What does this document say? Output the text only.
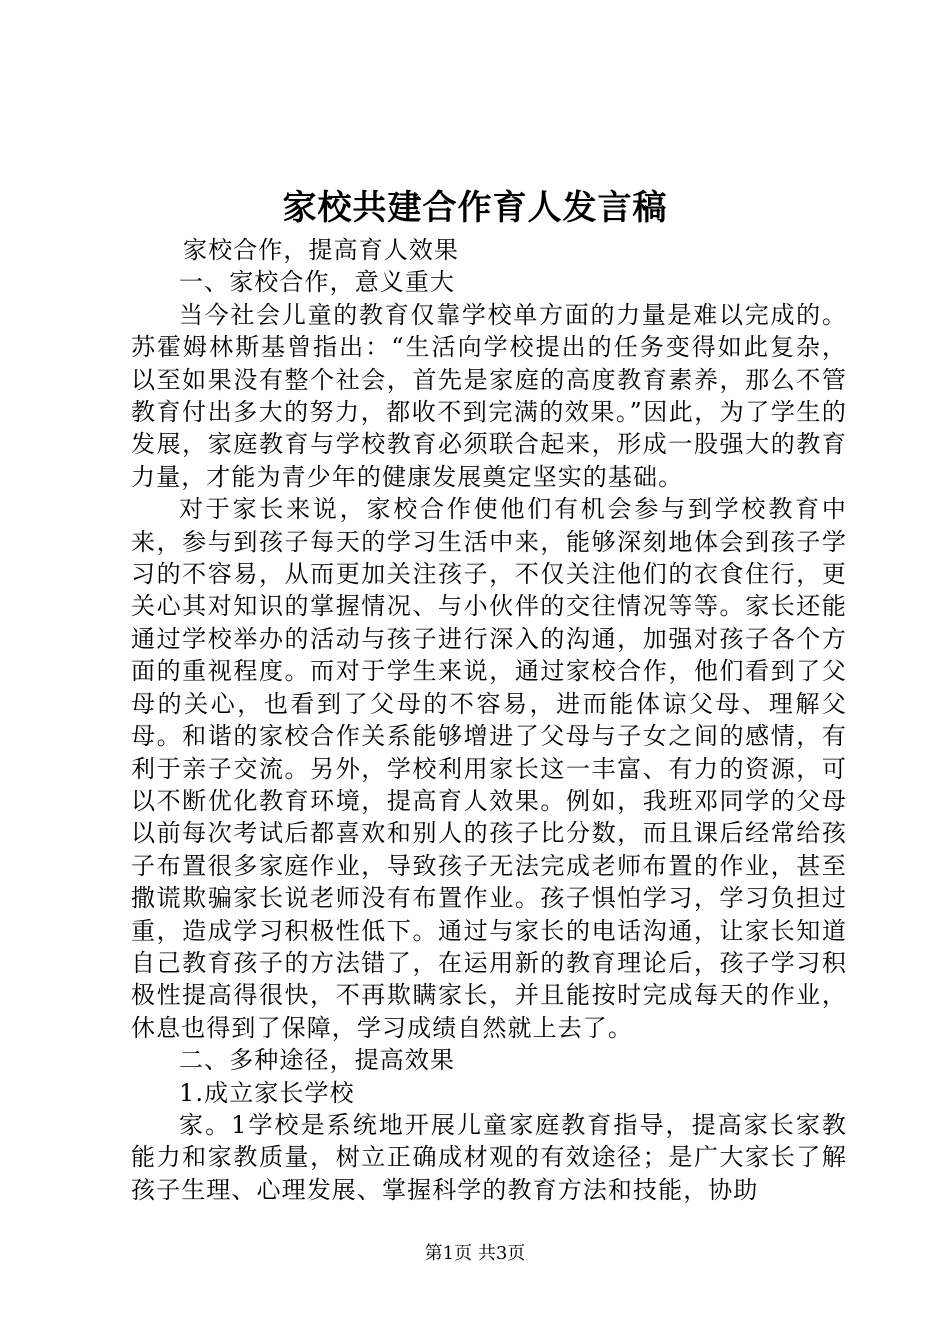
家校共建合作育人发言稿

家校合作，提高育人效果

一、家校合作，意义重大

当今社会儿童的教育仅靠学校单方面的力量是难以完成的。苏霍姆林斯基曾指出：“生活向学校提出的任务变得如此复杂，以至如果没有整个社会，首先是家庭的高度教育素养，那么不管教育付出多大的努力，都收不到完满的效果。”因此，为了学生的发展，家庭教育与学校教育必须联合起来，形成一股强大的教育力量，才能为青少年的健康发展奠定坚实的基础。

对于家长来说，家校合作使他们有机会参与到学校教育中来，参与到孩子每天的学习生活中来，能够深刻地体会到孩子学习的不容易，从而更加关注孩子，不仅关注他们的衣食住行，更关心其对知识的掌握情况、与小伙伴的交往情况等等。家长还能通过学校举办的活动与孩子进行深入的沟通，加强对孩子各个方面的重视程度。而对于学生来说，通过家校合作，他们看到了父母的关心，也看到了父母的不容易，进而能体谅父母、理解父母。和谐的家校合作关系能够增进了父母与子女之间的感情，有利于亲子交流。另外，学校利用家长这一丰富、有力的资源，可以不断优化教育环境，提高育人效果。例如，我班邓同学的父母以前每次考试后都喜欢和别人的孩子比分数，而且课后经常给孩子布置很多家庭作业，导致孩子无法完成老师布置的作业，甚至撒谎欺骗家长说老师没有布置作业。孩子惧怕学习，学习负担过重，造成学习积极性低下。通过与家长的电话沟通，让家长知道自己教育孩子的方法错了，在运用新的教育理论后，孩子学习积极性提高得很快，不再欺瞒家长，并且能按时完成每天的作业，休息也得到了保障，学习成绩自然就上去了。

二、多种途径，提高效果

1.成立家长学校

家。1学校是系统地开展儿童家庭教育指导，提高家长家教能力和家教质量，树立正确成材观的有效途径；是广大家长了解孩子生理、心理发展、掌握科学的教育方法和技能，协助

第1页 共3页
